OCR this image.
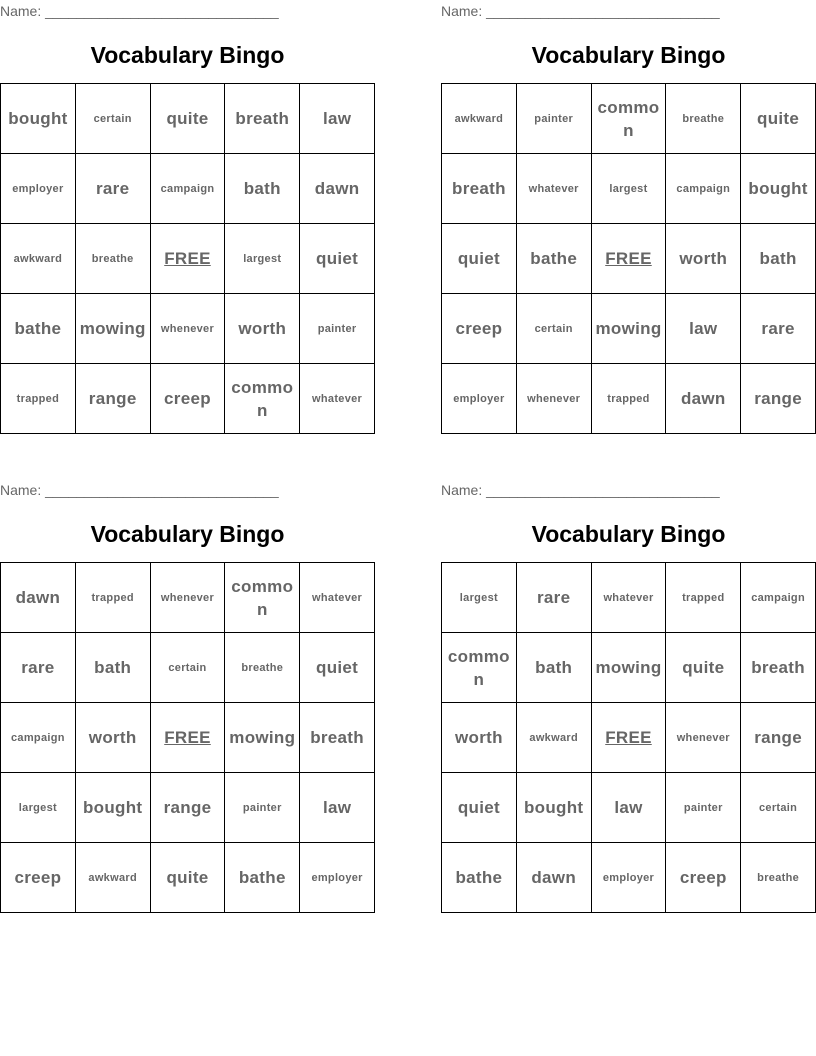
Name: ______________________________
Vocabulary Bingo
bought	certain	quite	breath	law
employer	rare	campaign	bath	dawn
awkward	breathe	FREE	largest	quiet
bathe	mowing	whenever	worth	painter
trapped	range	creep	common	whatever
Name: ______________________________
Vocabulary Bingo
awkward	painter	common	breathe	quite
breath	whatever	largest	campaign	bought
quiet	bathe	FREE	worth	bath
creep	certain	mowing	law	rare
employer	whenever	trapped	dawn	range
Name: ______________________________
Vocabulary Bingo
dawn	trapped	whenever	common	whatever
rare	bath	certain	breathe	quiet
campaign	worth	FREE	mowing	breath
largest	bought	range	painter	law
creep	awkward	quite	bathe	employer
Name: ______________________________
Vocabulary Bingo
largest	rare	whatever	trapped	campaign
common	bath	mowing	quite	breath
worth	awkward	FREE	whenever	range
quiet	bought	law	painter	certain
bathe	dawn	employer	creep	breathe
